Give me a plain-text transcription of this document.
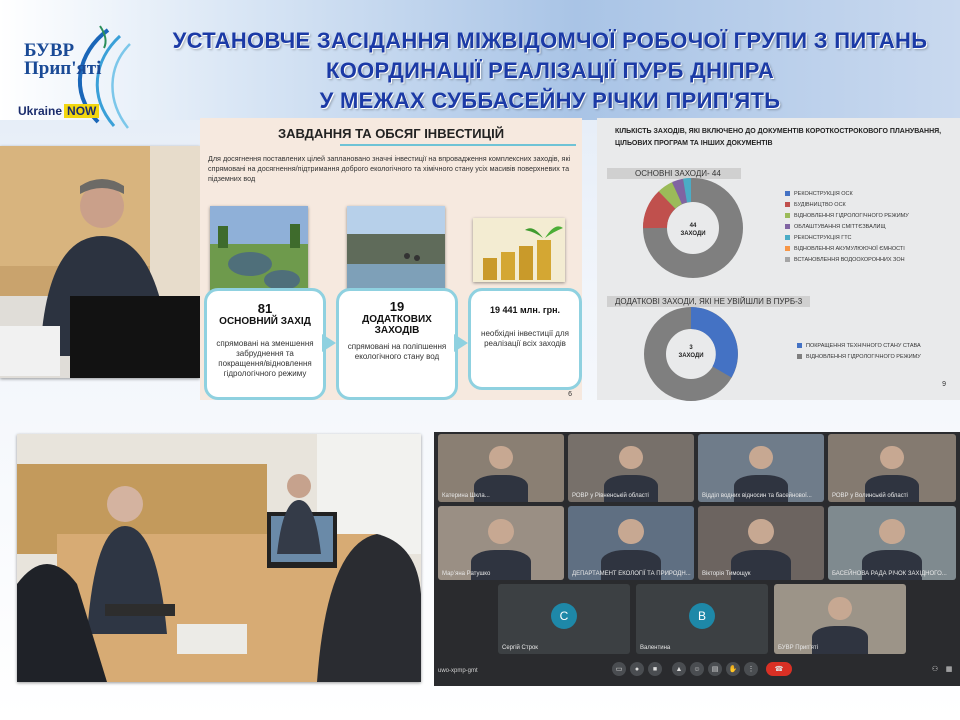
БУВР
Прип'яті
Ukraine NOW
УСТАНОВЧЕ ЗАСІДАННЯ МІЖВІДОМЧОЇ РОБОЧОЇ ГРУПИ З ПИТАНЬ
КООРДИНАЦІЇ РЕАЛІЗАЦІЇ ПУРБ ДНІПРА
У МЕЖАХ СУББАСЕЙНУ РІЧКИ ПРИП'ЯТЬ
ЗАВДАННЯ ТА ОБСЯГ ІНВЕСТИЦІЙ
Для досягнення поставлених цілей заплановано значні інвестиції на впровадження комплексних заходів, які спрямовані на досягнення/підтримання доброго екологічного та хімічного стану усіх масивів поверхневих та підземних вод
81
ОСНОВНИЙ ЗАХІД
спрямовані на зменшення забруднення та покращення/відновлення гідрологічного режиму
19
ДОДАТКОВИХ ЗАХОДІВ
спрямовані на поліпшення екологічного стану вод
19 441 млн. грн.
необхідні інвестиції для реалізації всіх заходів
6
КІЛЬКІСТЬ ЗАХОДІВ, ЯКІ ВКЛЮЧЕНО ДО ДОКУМЕНТІВ КОРОТКОСТРОКОВОГО ПЛАНУВАННЯ, ЦІЛЬОВИХ ПРОГРАМ ТА ІНШИХ ДОКУМЕНТІВ
ОСНОВНІ ЗАХОДИ- 44
44
ЗАХОДИ
РЕКОНСТРУКЦІЯ ОСК
БУДІВНИЦТВО ОСК
ВІДНОВЛЕННЯ ГІДРОЛОГІЧНОГО РЕЖИМУ
ОБЛАШТУВАННЯ СМІТТЄЗВАЛИЩ
РЕКОНСТРУКЦІЯ ГТС
ВІДНОВЛЕННЯ АКУМУЛЮЮЧОЇ ЄМНОСТІ
ВСТАНОВЛЕННЯ ВОДООХОРОННИХ ЗОН
ДОДАТКОВІ ЗАХОДИ, ЯКІ НЕ УВІЙШЛИ В ПУРБ-3
3
ЗАХОДИ
ПОКРАЩЕННЯ ТЕХНІЧНОГО СТАНУ СТАВА
ВІДНОВЛЕННЯ ГІДРОЛОГІЧНОГО РЕЖИМУ
9
Катерина Шкла...	РОВР у Рівненській області	Відділ водних відносин та басейнової...	РОВР у Волинській області
Марʼяна Ратушко	ДЕПАРТАМЕНТ ЕКОЛОГІЇ ТА ПРИРОДН... Вікторія Тимощук	БАСЕЙНОВА РАДА РІЧОК ЗАХІДНОГО...
С
Сергій Строк
В
Валентина	БУВР Прип'яті
uwo-xpmp-gmt	▭	●	■	▲	☺	▤	✋	⋮	☎	⚇	▦
